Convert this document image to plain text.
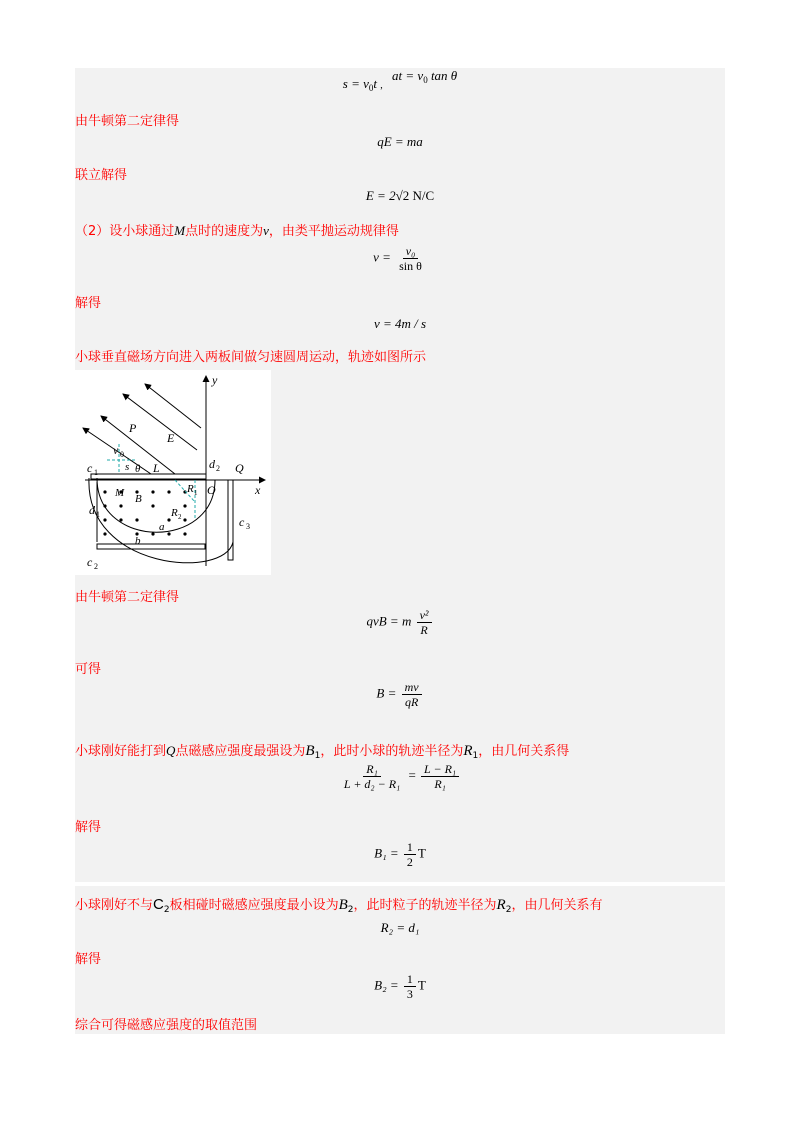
$s = v_0t$ , at = $v_0$ tan θ
由牛顿第二定律得
qE = ma
联立解得
E = 2√2 N/C
（2）设小球通过M点时的速度为v，由类平抛运动规律得
$v = \frac{\text{v₀}}{\text{sin θ}}$
解得
v = 4m / s
小球垂直磁场方向进入两板间做匀速圆周运动，轨迹如图所示
y
x
P
E
v 0
s θ L	d 2 Q
O
c 1
R 1
M B
R 2
a
b
d 1
c 3
c 2
由牛顿第二定律得
qvB = m $\frac{\text{v²}}{R}$
可得
$B = \frac{mv}{qR}$
小球刚好能打到Q点磁感应强度最强设为$B_1$，此时小球的轨迹半径为$R_1$，由几何关系得
$\frac{\text{R₁}}{\text{L + d₂ − R₁}} = \frac{\text{L − R₁}}{\text{R₁}}$
解得
$B_1 = \frac{1}{2}$ T
小球刚好不与$C_2$板相碰时磁感应强度最小设为$B_2$，此时粒子的轨迹半径为$R_2$，由几何关系有
R₂ = d₁
解得
$B_2 = \frac{1}{3}$ T
综合可得磁感应强度的取值范围
